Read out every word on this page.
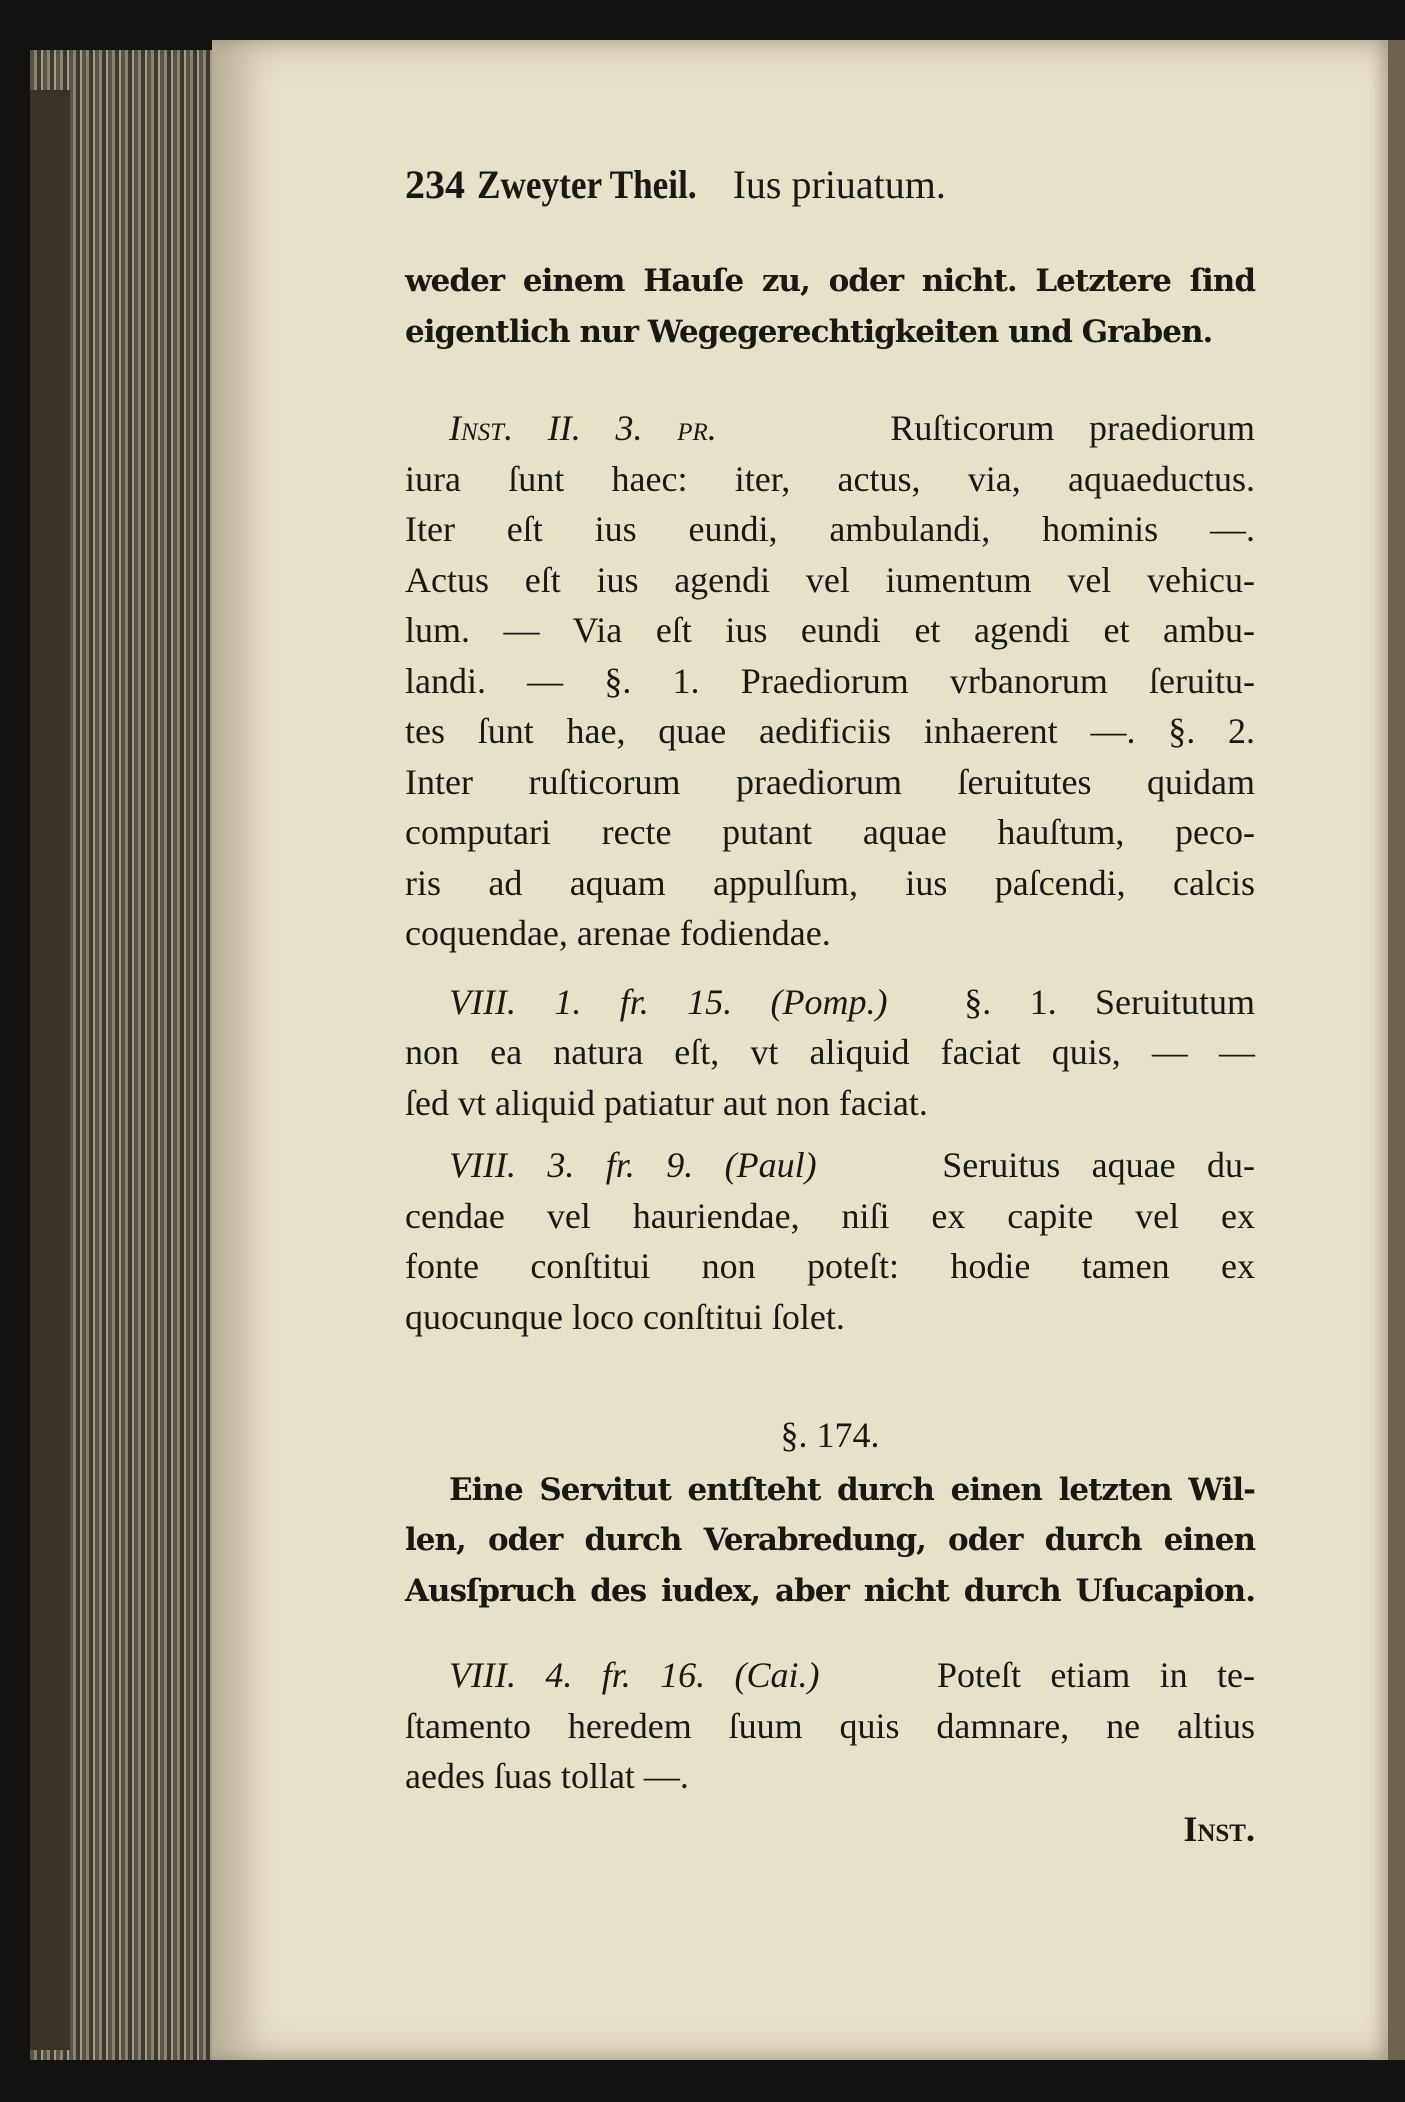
234 Zweyter Theil. Ius priuatum.
weder einem Hauſe zu, oder nicht. Letztere ſind
eigentlich nur Wegegerechtigkeiten und Graben.
Inst. II. 3. pr.	Ruſticorum praediorum
iura ſunt haec: iter, actus, via, aquaeductus.
Iter eſt ius eundi, ambulandi, hominis —.
Actus eſt ius agendi vel iumentum vel vehicu-
lum. — Via eſt ius eundi et agendi et ambu-
landi. — §. 1. Praediorum vrbanorum ſeruitu-
tes ſunt hae, quae aedificiis inhaerent —. §. 2.
Inter ruſticorum praediorum ſeruitutes quidam
computari recte putant aquae hauſtum, peco-
ris ad aquam appulſum, ius paſcendi, calcis
coquendae, arenae fodiendae.
VIII. 1. fr. 15. (Pomp.) §. 1. Seruitutum
non ea natura eſt, vt aliquid faciat quis, — —
ſed vt aliquid patiatur aut non faciat.
VIII. 3. fr. 9. (Paul)	Seruitus aquae du-
cendae vel hauriendae, niſi ex capite vel ex
fonte conſtitui non poteſt: hodie tamen ex
quocunque loco conſtitui ſolet.
§. 174.
Eine Servitut entſteht durch einen letzten Wil-
len, oder durch Verabredung, oder durch einen
Ausſpruch des iudex, aber nicht durch Uſucapion.
VIII. 4. fr. 16. (Cai.)	Poteſt etiam in te-
ſtamento heredem ſuum quis damnare, ne altius
aedes ſuas tollat —.
Inst.
